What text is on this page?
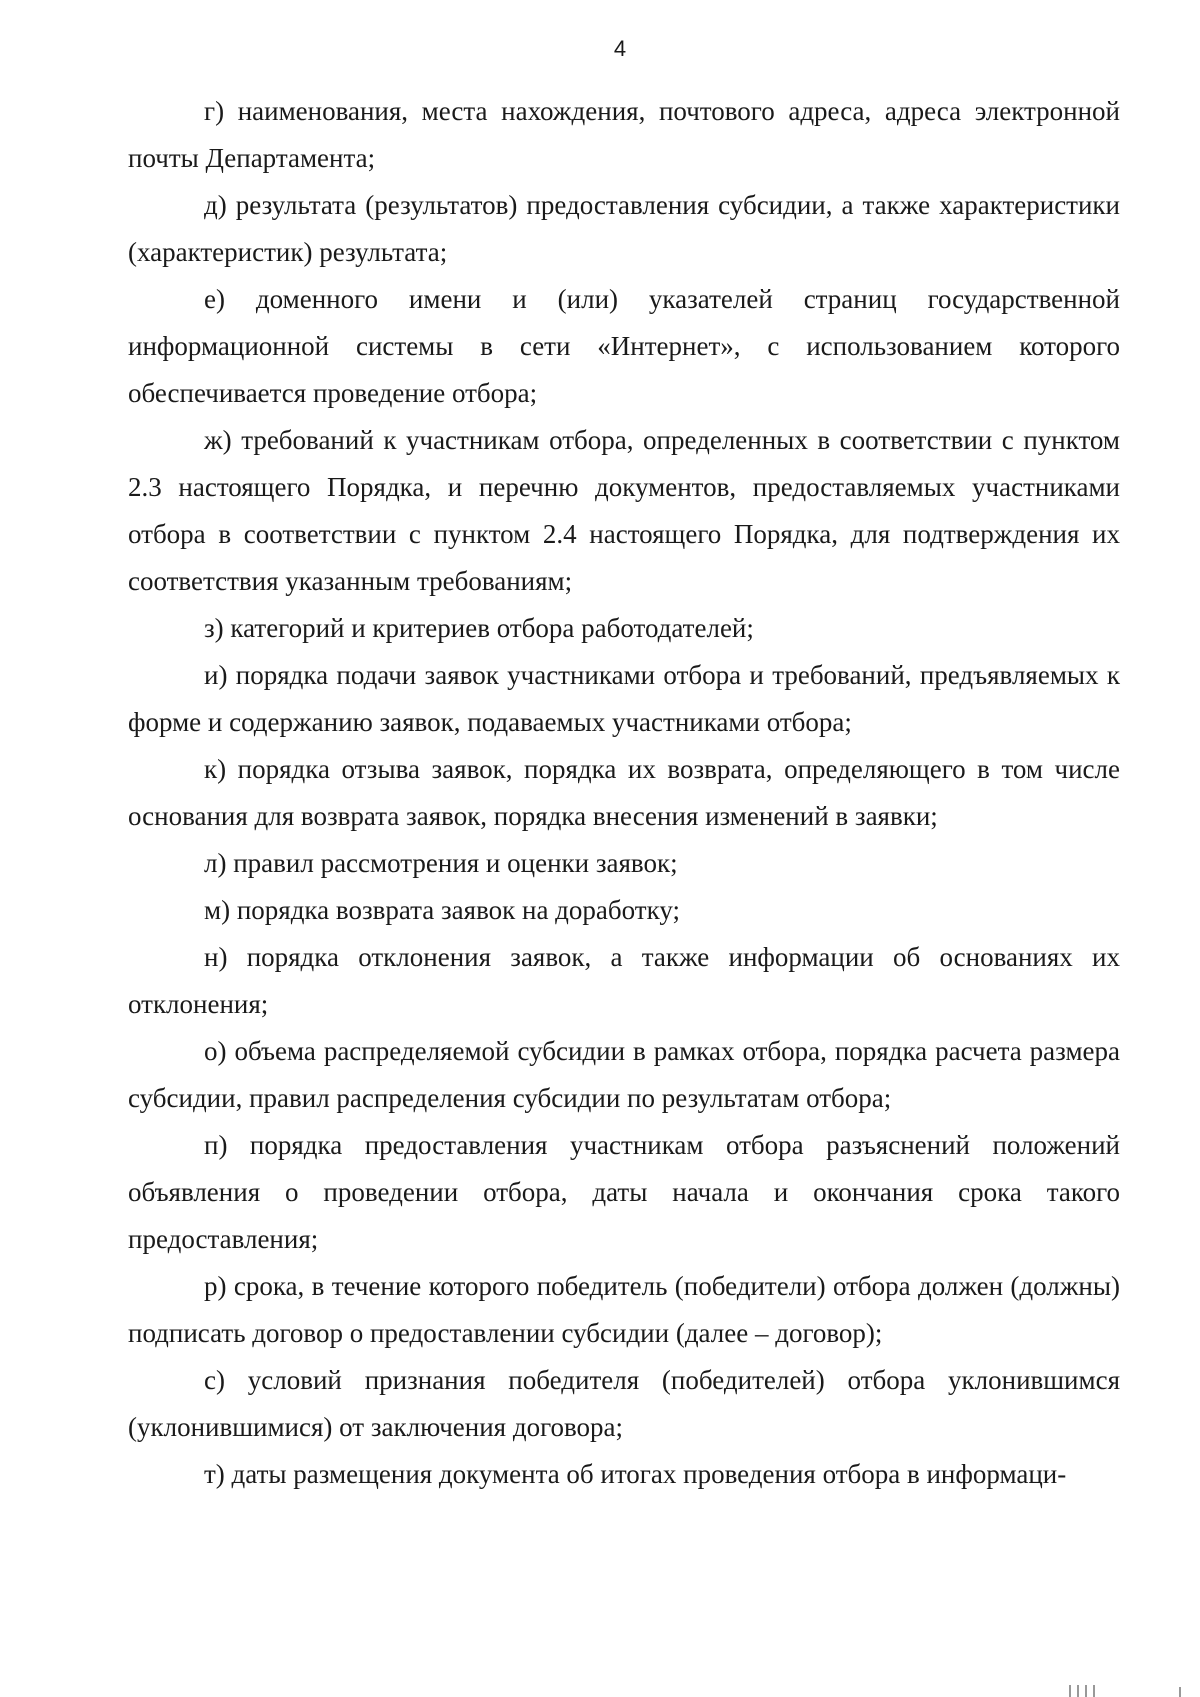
4

г) наименования, места нахождения, почтового адреса, адреса электронной почты Департамента;

д) результата (результатов) предоставления субсидии, а также характеристики (характеристик) результата;

е) доменного имени и (или) указателей страниц государственной информационной системы в сети «Интернет», с использованием которого обеспечивается проведение отбора;

ж) требований к участникам отбора, определенных в соответствии с пунктом 2.3 настоящего Порядка, и перечню документов, предоставляемых участниками отбора в соответствии с пунктом 2.4 настоящего Порядка, для подтверждения их соответствия указанным требованиям;

з) категорий и критериев отбора работодателей;

и) порядка подачи заявок участниками отбора и требований, предъявляемых к форме и содержанию заявок, подаваемых участниками отбора;

к) порядка отзыва заявок, порядка их возврата, определяющего в том числе основания для возврата заявок, порядка внесения изменений в заявки;

л) правил рассмотрения и оценки заявок;

м) порядка возврата заявок на доработку;

н) порядка отклонения заявок, а также информации об основаниях их отклонения;

о) объема распределяемой субсидии в рамках отбора, порядка расчета размера субсидии, правил распределения субсидии по результатам отбора;

п) порядка предоставления участникам отбора разъяснений положений объявления о проведении отбора, даты начала и окончания срока такого предоставления;

р) срока, в течение которого победитель (победители) отбора должен (должны) подписать договор о предоставлении субсидии (далее – договор);

с) условий признания победителя (победителей) отбора уклонившимся (уклонившимися) от заключения договора;

т) даты размещения документа об итогах проведения отбора в информаци-
